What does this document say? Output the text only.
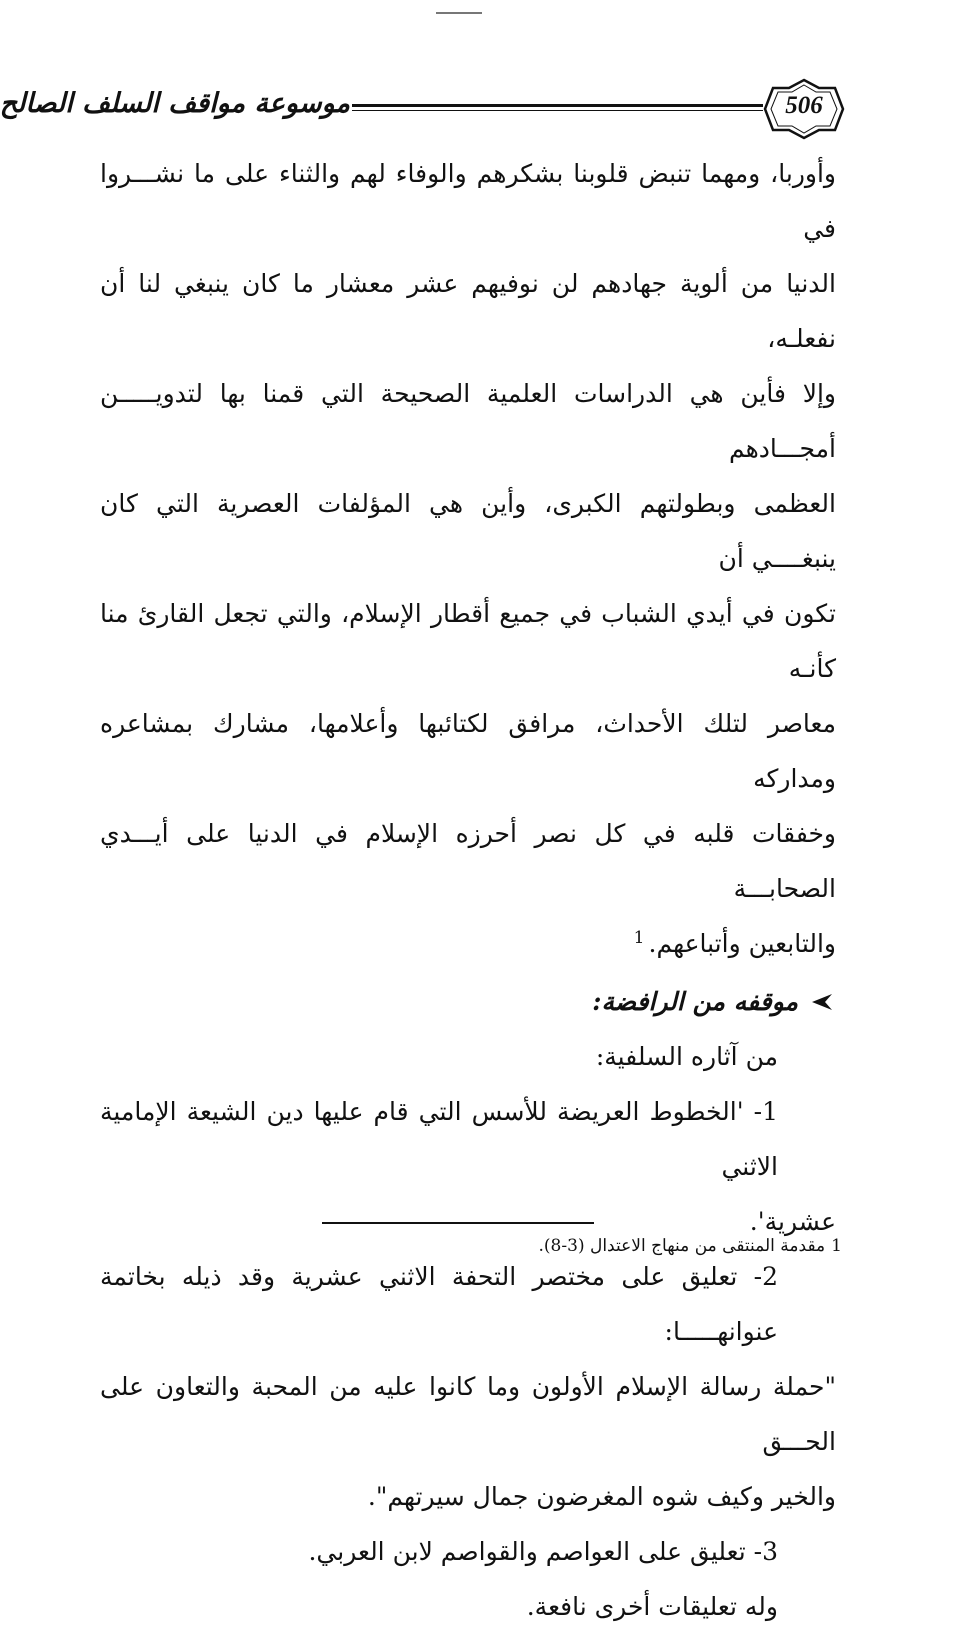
موسوعة مواقف السلف الصالح	506

وأوربا، ومهما تنبض قلوبنا بشكرهم والوفاء لهم والثناء على ما نشـــروا في

الدنيا من ألوية جهادهم لن نوفيهم عشر معشار ما كان ينبغي لنا أن نفعلـه،

وإلا فأين هي الدراسات العلمية الصحيحة التي قمنا بها لتدويـــــن أمجـــادهم

العظمى وبطولتهم الكبرى، وأين هي المؤلفات العصرية التي كان ينبغــــي أن

تكون في أيدي الشباب في جميع أقطار الإسلام، والتي تجعل القارئ منا كأنـه

معاصر لتلك الأحداث، مرافق لكتائبها وأعلامها، مشارك بمشاعره ومداركه

وخفقات قلبه في كل نصر أحرزه الإسلام في الدنيا على أيـــدي الصحابـــة

والتابعين وأتباعهم.$^1$

موقفه من الرافضة:

من آثاره السلفية:

1- 'الخطوط العريضة للأسس التي قام عليها دين الشيعة الإمامية الاثني

عشرية'.

2- تعليق على مختصر التحفة الاثني عشرية وقد ذيله بخاتمة عنوانهـــــا:

"حملة رسالة الإسلام الأولون وما كانوا عليه من المحبة والتعاون على الحـــق

والخير وكيف شوه المغرضون جمال سيرتهم".

3- تعليق على العواصم والقواصم لابن العربي.

وله تعليقات أخرى نافعة.

1مقدمة المنتقى من منهاج الاعتدال (3-8).
